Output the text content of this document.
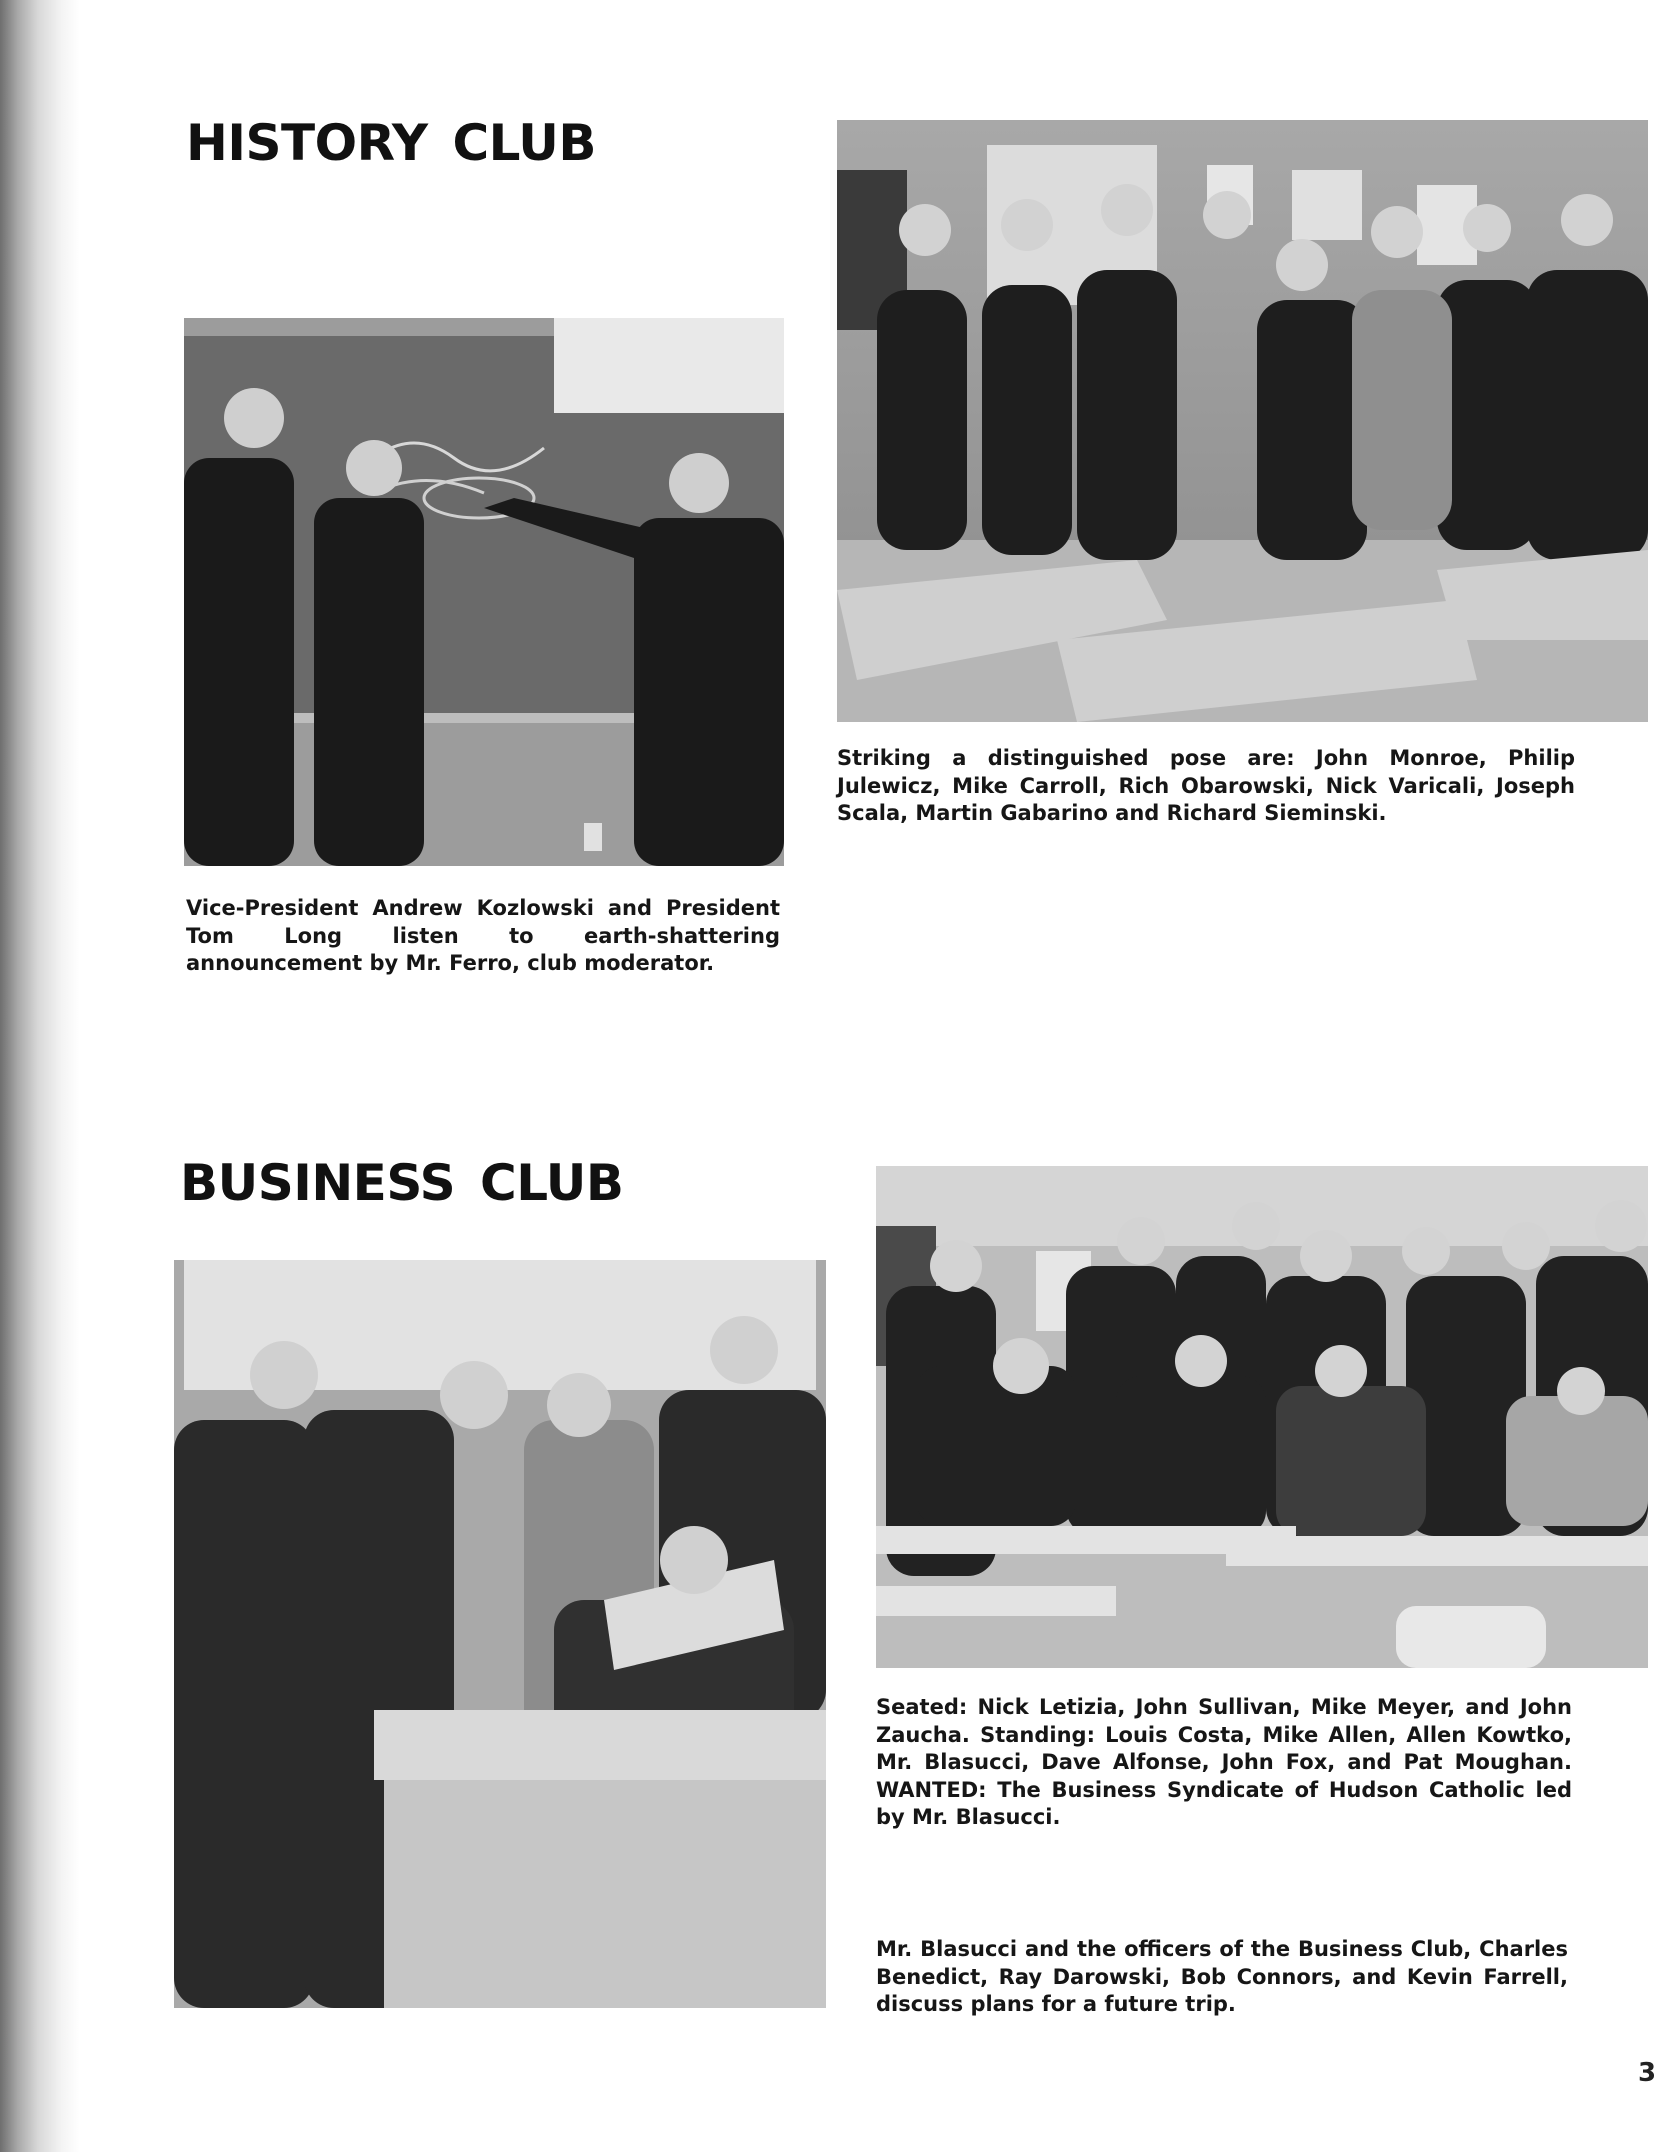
HISTORY CLUB

Striking a distinguished pose are: John Monroe, Philip Julewicz, Mike Carroll, Rich Obarowski, Nick Varicali, Joseph Scala, Martin Gabarino and Richard Sieminski.

Vice-President Andrew Kozlowski and President Tom Long listen to earth-shattering announcement by Mr. Ferro, club moderator.

BUSINESS CLUB

Seated: Nick Letizia, John Sullivan, Mike Meyer, and John Zaucha. Standing: Louis Costa, Mike Allen, Allen Kowtko, Mr. Blasucci, Dave Alfonse, John Fox, and Pat Moughan. WANTED: The Business Syndicate of Hudson Catholic led by Mr. Blasucci.

Mr. Blasucci and the officers of the Business Club, Charles Benedict, Ray Darowski, Bob Connors, and Kevin Farrell, discuss plans for a future trip.

3
